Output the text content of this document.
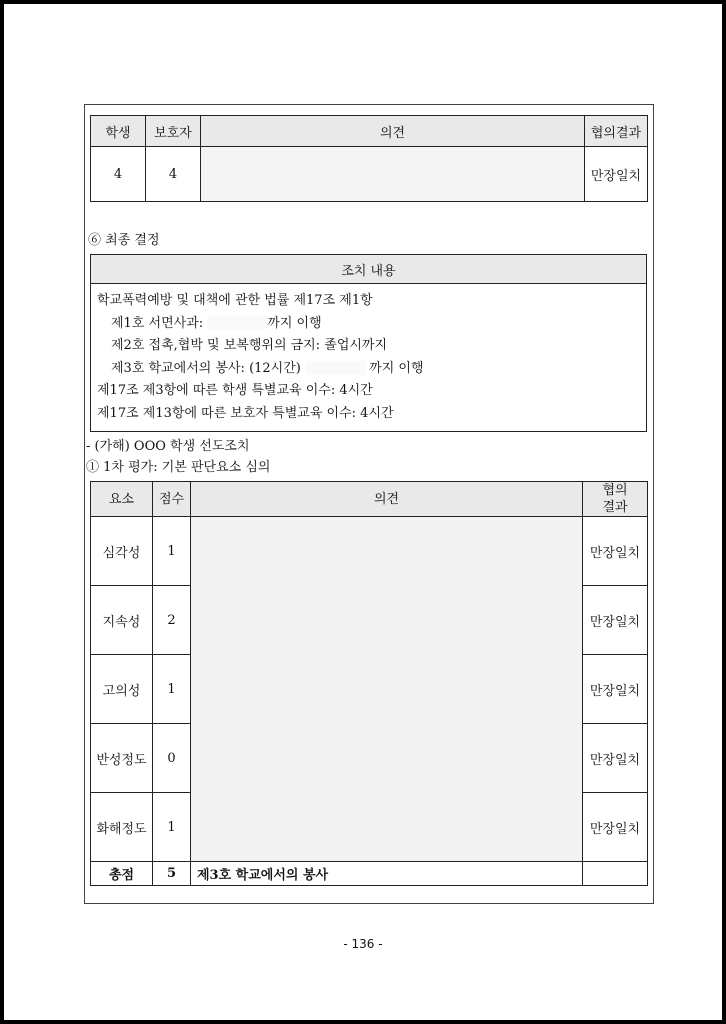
학생	보호자	의견	협의결과
4	4		만장일치
⑥ 최종 결정
조치 내용

학교폭력예방 및 대책에 관한 법률 제17조 제1항
제1호 서면사과:	까지 이행
제2호 접촉,협박 및 보복행위의 금지: 졸업시까지
제3호 학교에서의 봉사: (12시간)	까지 이행
제17조 제3항에 따른 학생 특별교육 이수: 4시간
제17조 제13항에 따른 보호자 특별교육 이수: 4시간
- (가해) OOO 학생 선도조치
① 1차 평가: 기본 판단요소 심의
요소	점수	의견	협의
결과
심각성	1		만장일치
지속성	2		만장일치
고의성	1		만장일치
반성정도	0		만장일치
화해정도	1		만장일치
총점	5	제3호 학교에서의 봉사	
- 136 -
